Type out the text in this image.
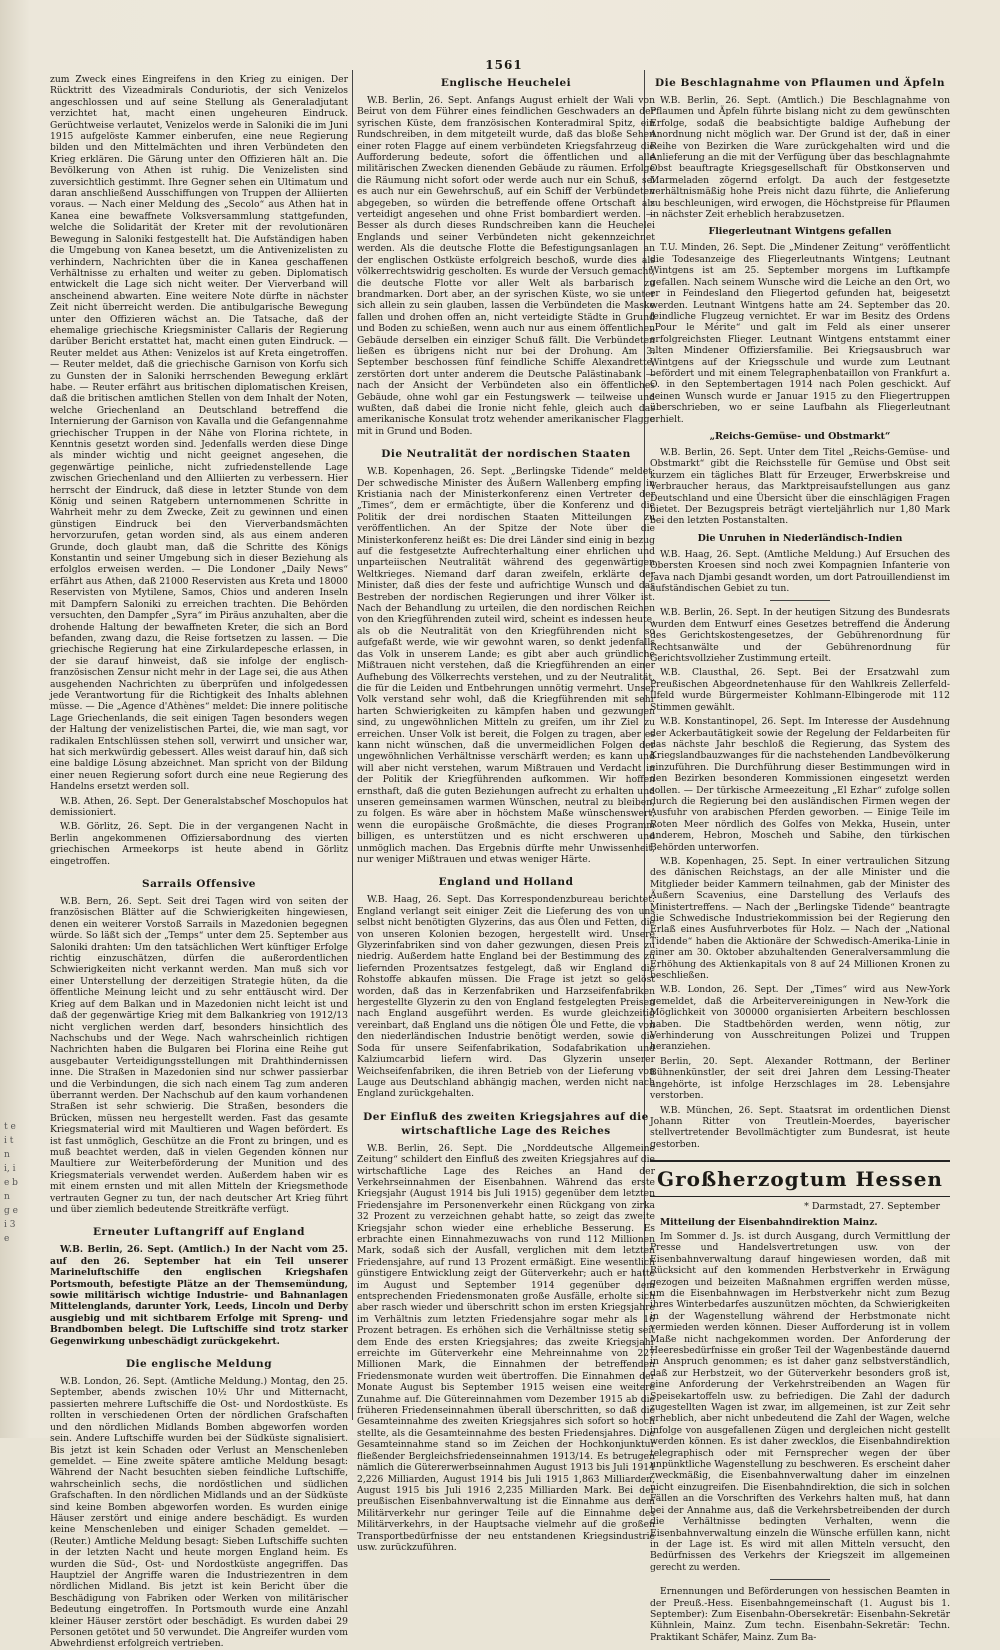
t e i t n i, i e b n g e i 3 e
1561

zum Zweck eines Eingreifens in den Krieg zu einigen. Der Rücktritt des Vizeadmirals Conduriotis, der sich Venizelos angeschlossen und auf seine Stellung als Generaladjutant verzichtet hat, macht einen ungeheuren Eindruck. Gerüchtweise verlautet, Venizelos werde in Saloniki die im Juni 1915 aufgelöste Kammer einberufen, eine neue Regierung bilden und den Mittelmächten und ihren Verbündeten den Krieg erklären. Die Gärung unter den Offizieren hält an. Die Bevölkerung von Athen ist ruhig. Die Venizelisten sind zuversichtlich gestimmt. Ihre Gegner sehen ein Ultimatum und daran anschließend Ausschiffungen von Truppen der Alliierten voraus. — Nach einer Meldung des „Secolo“ aus Athen hat in Kanea eine bewaffnete Volksversammlung stattgefunden, welche die Solidarität der Kreter mit der revolutionären Bewegung in Saloniki festgestellt hat. Die Aufständigen haben die Umgebung von Kanea besetzt, um die Antivenizelisten zu verhindern, Nachrichten über die in Kanea geschaffenen Verhältnisse zu erhalten und weiter zu geben. Diplomatisch entwickelt die Lage sich nicht weiter. Der Vierverband will anscheinend abwarten. Eine weitere Note dürfte in nächster Zeit nicht überreicht werden. Die antibulgarische Bewegung unter den Offizieren wächst an. Die Tatsache, daß der ehemalige griechische Kriegsminister Callaris der Regierung darüber Bericht erstattet hat, macht einen guten Eindruck. — Reuter meldet aus Athen: Venizelos ist auf Kreta eingetroffen. — Reuter meldet, daß die griechische Garnison von Korfu sich zu Gunsten der in Saloniki herrschenden Bewegung erklärt habe. — Reuter erfährt aus britischen diplomatischen Kreisen, daß die britischen amtlichen Stellen von dem Inhalt der Noten, welche Griechenland an Deutschland betreffend die Internierung der Garnison von Kavalla und die Gefangennahme griechischer Truppen in der Nähe von Florina richtete, in Kenntnis gesetzt worden sind. Jedenfalls werden diese Dinge als minder wichtig und nicht geeignet angesehen, die gegenwärtige peinliche, nicht zufriedenstellende Lage zwischen Griechenland und den Alliierten zu verbessern. Hier herrscht der Eindruck, daß diese in letzter Stunde von dem König und seinen Ratgebern unternommenen Schritte in Wahrheit mehr zu dem Zwecke, Zeit zu gewinnen und einen günstigen Eindruck bei den Vierverbandsmächten hervorzurufen, getan worden sind, als aus einem anderen Grunde, doch glaubt man, daß die Schritte des Königs Konstantin und seiner Umgebung sich in dieser Beziehung als erfolglos erweisen werden. — Die Londoner „Daily News“ erfährt aus Athen, daß 21000 Reservisten aus Kreta und 18000 Reservisten von Mytilene, Samos, Chios und anderen Inseln mit Dampfern Saloniki zu erreichen trachten. Die Behörden versuchten, den Dampfer „Syra“ im Piräus anzuhalten, aber die drohende Haltung der bewaffneten Kreter, die sich an Bord befanden, zwang dazu, die Reise fortsetzen zu lassen. — Die griechische Regierung hat eine Zirkulardepesche erlassen, in der sie darauf hinweist, daß sie infolge der englisch-französischen Zensur nicht mehr in der Lage sei, die aus Athen ausgehenden Nachrichten zu überprüfen und infolgedessen jede Verantwortung für die Richtigkeit des Inhalts ablehnen müsse. — Die „Agence d'Athènes“ meldet: Die innere politische Lage Griechenlands, die seit einigen Tagen besonders wegen der Haltung der venizelistischen Partei, die, wie man sagt, vor radikalen Entschlüssen stehen soll, verwirrt und unsicher war, hat sich merkwürdig gebessert. Alles weist darauf hin, daß sich eine baldige Lösung abzeichnet. Man spricht von der Bildung einer neuen Regierung sofort durch eine neue Regierung des Handelns ersetzt werden soll.

W.B. Athen, 26. Sept. Der Generalstabschef Moschopulos hat demissioniert.

W.B. Görlitz, 26. Sept. Die in der vergangenen Nacht in Berlin angekommenen Offiziersabordnung des vierten griechischen Armeekorps ist heute abend in Görlitz eingetroffen.

Sarrails Offensive

W.B. Bern, 26. Sept. Seit drei Tagen wird von seiten der französischen Blätter auf die Schwierigkeiten hingewiesen, denen ein weiterer Vorstoß Sarrails in Mazedonien begegnen würde. So läßt sich der „Temps“ unter dem 25. September aus Saloniki drahten: Um den tatsächlichen Wert künftiger Erfolge richtig einzuschätzen, dürfen die außerordentlichen Schwierigkeiten nicht verkannt werden. Man muß sich vor einer Unterstellung der derzeitigen Strategie hüten, da die öffentliche Meinung leicht und zu sehr enttäuscht wird. Der Krieg auf dem Balkan und in Mazedonien nicht leicht ist und daß der gegenwärtige Krieg mit dem Balkankrieg von 1912/13 nicht verglichen werden darf, besonders hinsichtlich des Nachschubs und der Wege. Nach wahrscheinlich richtigen Nachrichten haben die Bulgaren bei Florina eine Reihe gut ausgebauter Verteidigungsstellungen mit Drahthindernissen inne. Die Straßen in Mazedonien sind nur schwer passierbar und die Verbindungen, die sich nach einem Tag zum anderen überrannt werden. Der Nachschub auf den kaum vorhandenen Straßen ist sehr schwierig. Die Straßen, besonders die Brücken, müssen neu hergestellt werden. Fast das gesamte Kriegsmaterial wird mit Maultieren und Wagen befördert. Es ist fast unmöglich, Geschütze an die Front zu bringen, und es muß beachtet werden, daß in vielen Gegenden können nur Maultiere zur Weiterbeförderung der Munition und des Kriegsmaterials verwendet werden. Außerdem haben wir es mit einem ernsten und mit allen Mitteln der Kriegsmethode vertrauten Gegner zu tun, der nach deutscher Art Krieg führt und über ziemlich bedeutende Streitkräfte verfügt.

Erneuter Luftangriff auf England

W.B. Berlin, 26. Sept. (Amtlich.) In der Nacht vom 25. auf den 26. September hat ein Teil unserer Marineluftschiffe den englischen Kriegshafen Portsmouth, befestigte Plätze an der Themsemündung, sowie militärisch wichtige Industrie- und Bahnanlagen Mittelenglands, darunter York, Leeds, Lincoln und Derby ausgiebig und mit sichtbarem Erfolge mit Spreng- und Brandbomben belegt. Die Luftschiffe sind trotz starker Gegenwirkung unbeschädigt zurückgekehrt.

Die englische Meldung

W.B. London, 26. Sept. (Amtliche Meldung.) Montag, den 25. September, abends zwischen 10½ Uhr und Mitternacht, passierten mehrere Luftschiffe die Ost- und Nordostküste. Es rollten in verschiedenen Orten der nördlichen Grafschaften und den nördlichen Midlands Bomben abgeworfen worden sein. Andere Luftschiffe wurden bei der Südküste signalisiert. Bis jetzt ist kein Schaden oder Verlust an Menschenleben gemeldet. — Eine zweite spätere amtliche Meldung besagt: Während der Nacht besuchten sieben feindliche Luftschiffe, wahrscheinlich sechs, die nordöstlichen und südlichen Grafschaften. In den nördlichen Midlands und an der Südküste sind keine Bomben abgeworfen worden. Es wurden einige Häuser zerstört und einige andere beschädigt. Es wurden keine Menschenleben und einiger Schaden gemeldet. — (Reuter.) Amtliche Meldung besagt: Sieben Luftschiffe suchten in der letzten Nacht und heute morgen England heim. Es wurden die Süd-, Ost- und Nordostküste angegriffen. Das Hauptziel der Angriffe waren die Industriezentren in dem nördlichen Midland. Bis jetzt ist kein Bericht über die Beschädigung von Fabriken oder Werken von militärischer Bedeutung eingetroffen. In Portsmouth wurde eine Anzahl kleiner Häuser zerstört oder beschädigt. Es wurden dabei 29 Personen getötet und 50 verwundet. Die Angreifer wurden vom Abwehrdienst erfolgreich vertrieben.

Englische Heuchelei

W.B. Berlin, 26. Sept. Anfangs August erhielt der Wali von Beirut von dem Führer eines feindlichen Geschwaders an der syrischen Küste, dem französischen Konteradmiral Spitz, ein Rundschreiben, in dem mitgeteilt wurde, daß das bloße Sehen einer roten Flagge auf einem verbündeten Kriegsfahrzeug die Aufforderung bedeute, sofort die öffentlichen und alle militärischen Zwecken dienenden Gebäude zu räumen. Erfolge die Räumung nicht sofort oder werde auch nur ein Schuß, sei es auch nur ein Gewehrschuß, auf ein Schiff der Verbündeten abgegeben, so würden die betreffende offene Ortschaft als verteidigt angesehen und ohne Frist bombardiert werden. — Besser als durch dieses Rundschreiben kann die Heuchelei Englands und seiner Verbündeten nicht gekennzeichnet werden. Als die deutsche Flotte die Befestigungsanlagen an der englischen Ostküste erfolgreich beschoß, wurde dies als völkerrechtswidrig gescholten. Es wurde der Versuch gemacht, die deutsche Flotte vor aller Welt als barbarisch zu brandmarken. Dort aber, an der syrischen Küste, wo sie unter sich allein zu sein glauben, lassen die Verbündeten die Maske fallen und drohen offen an, nicht verteidigte Städte in Grund und Boden zu schießen, wenn auch nur aus einem öffentlichen Gebäude derselben ein einziger Schuß fällt. Die Verbündeten ließen es übrigens nicht nur bei der Drohung. Am 3. September beschossen fünf feindliche Schiffe Alexandrette, zerstörten dort unter anderem die Deutsche Palästinabank — nach der Ansicht der Verbündeten also ein öffentliches Gebäude, ohne wohl gar ein Festungswerk — teilweise und wußten, daß dabei die Ironie nicht fehle, gleich auch das amerikanische Konsulat trotz wehender amerikanischer Flagge mit in Grund und Boden.

Die Neutralität der nordischen Staaten

W.B. Kopenhagen, 26. Sept. „Berlingske Tidende“ meldet: Der schwedische Minister des Äußern Wallenberg empfing in Kristiania nach der Ministerkonferenz einen Vertreter der „Times“, dem er ermächtigte, über die Konferenz und die Politik der drei nordischen Staaten Mitteilungen zu veröffentlichen. An der Spitze der Note über die Ministerkonferenz heißt es: Die drei Länder sind einig in bezug auf die festgesetzte Aufrechterhaltung einer ehrlichen und unparteiischen Neutralität während des gegenwärtigen Weltkrieges. Niemand darf daran zweifeln, erklärte der Minister, daß dies der feste und aufrichtige Wunsch und das Bestreben der nordischen Regierungen und ihrer Völker ist. Nach der Behandlung zu urteilen, die den nordischen Reichen von den Kriegführenden zuteil wird, scheint es indessen heute, als ob die Neutralität von den Kriegführenden nicht so aufgefaßt werde, wie wir gewohnt waren, so denkt jedenfalls das Volk in unserem Lande; es gibt aber auch gründliche Mißtrauen nicht verstehen, daß die Kriegführenden an einer Aufhebung des Völkerrechts verstehen, und zu der Neutralität, die für die Leiden und Entbehrungen unnötig vermehrt. Unser Volk verstand sehr wohl, daß die Kriegführenden mit sehr harten Schwierigkeiten zu kämpfen haben und gezwungen sind, zu ungewöhnlichen Mitteln zu greifen, um ihr Ziel zu erreichen. Unser Volk ist bereit, die Folgen zu tragen, aber es kann nicht wünschen, daß die unvermeidlichen Folgen der ungewöhnlichen Verhältnisse verschärft werden; es kann und will aber nicht verstehen, warum Mißtrauen und Verdacht in der Politik der Kriegführenden aufkommen. Wir hoffen ernsthaft, daß die guten Beziehungen aufrecht zu erhalten und unseren gemeinsamen warmen Wünschen, neutral zu bleiben, zu folgen. Es wäre aber in höchstem Maße wünschenswert, wenn die europäische Großmächte, die dieses Programm billigen, es unterstützen und es nicht erschweren und unmöglich machen. Das Ergebnis dürfte mehr Unwissenheit, nur weniger Mißtrauen und etwas weniger Härte.

England und Holland

W.B. Haag, 26. Sept. Das Korrespondenzbureau berichtet: England verlangt seit einiger Zeit die Lieferung des von uns selbst nicht benötigten Glyzerins, das aus Ölen und Fetten, die von unseren Kolonien bezogen, hergestellt wird. Unsere Glyzerinfabriken sind von daher gezwungen, diesen Preis zu niedrig. Außerdem hatte England bei der Bestimmung des zu liefernden Prozentsatzes festgelegt, daß wir England die Rohstoffe abkaufen müssen. Die Frage ist jetzt so gelöst worden, daß das in Kerzenfabriken und Harzseifenfabriken hergestellte Glyzerin zu den von England festgelegten Preisen nach England ausgeführt werden. Es wurde gleichzeitig vereinbart, daß England uns die nötigen Öle und Fette, die von den niederländischen Industrie benötigt werden, sowie die Soda für unsere Seifenfabrikation, Sodafabrikation und Kalziumcarbid liefern wird. Das Glyzerin unserer Weichseifenfabriken, die ihren Betrieb von der Lieferung von Lauge aus Deutschland abhängig machen, werden nicht nach England zurückgehalten.

Der Einfluß des zweiten Kriegsjahres auf die wirtschaftliche Lage des Reiches

W.B. Berlin, 26. Sept. Die „Norddeutsche Allgemeine Zeitung“ schildert den Einfluß des zweiten Kriegsjahres auf die wirtschaftliche Lage des Reiches an Hand der Verkehrseinnahmen der Eisenbahnen. Während das erste Kriegsjahr (August 1914 bis Juli 1915) gegenüber dem letzten Friedensjahre im Personenverkehr einen Rückgang von zirka 32 Prozent zu verzeichnen gehabt hatte, so zeigt das zweite Kriegsjahr schon wieder eine erhebliche Besserung. Es erbrachte einen Einnahmezuwachs von rund 112 Millionen Mark, sodaß sich der Ausfall, verglichen mit dem letzten Friedensjahre, auf rund 13 Prozent ermäßigt. Eine wesentlich günstigere Entwicklung zeigt der Güterverkehr; auch er hatte im August und September 1914 gegenüber dem entsprechenden Friedensmonaten große Ausfälle, erholte sich aber rasch wieder und überschritt schon im ersten Kriegsjahre im Verhältnis zum letzten Friedensjahre sogar mehr als 16 Prozent betragen. Es erhöhen sich die Verhältnisse stetig seit dem Ende des ersten Kriegsjahres; das zweite Kriegsjahr erreichte im Güterverkehr eine Mehreinnahme von 227 Millionen Mark, die Einnahmen der betreffenden Friedensmonate wurden weit übertroffen. Die Einnahmen der Monate August bis September 1915 weisen eine weitere Zunahme auf. Die Gütereinnahmen vom Dezember 1915 ab die früheren Friedenseinnahmen überall überschritten, so daß die Gesamteinnahme des zweiten Kriegsjahres sich sofort so hoch stellte, als die Gesamteinnahme des besten Friedensjahres. Die Gesamteinnahme stand so im Zeichen der Hochkonjunktur fließender Bergleichsfriedenseinnahmen 1913/14. Es betrugen nämlich die Gütererwerbseinnahmen August 1913 bis Juli 1914 2,226 Milliarden, August 1914 bis Juli 1915 1,863 Milliarden, August 1915 bis Juli 1916 2,235 Milliarden Mark. Bei der preußischen Eisenbahnverwaltung ist die Einnahme aus dem Militärverkehr nur geringer Teile auf die Einnahme des Militärverkehrs, in der Hauptsache vielmehr auf die großen Transportbedürfnisse der neu entstandenen Kriegsindustrie usw. zurückzuführen.

Die Beschlagnahme von Pflaumen und Äpfeln

W.B. Berlin, 26. Sept. (Amtlich.) Die Beschlagnahme von Pflaumen und Äpfeln führte bislang nicht zu dem gewünschten Erfolge, sodaß die beabsichtigte baldige Aufhebung der Anordnung nicht möglich war. Der Grund ist der, daß in einer Reihe von Bezirken die Ware zurückgehalten wird und die Anlieferung an die mit der Verfügung über das beschlagnahmte Obst beauftragte Kriegsgesellschaft für Obstkonserven und Marmeladen zögernd erfolgt. Da auch der festgesetzte verhältnismäßig hohe Preis nicht dazu führte, die Anlieferung zu beschleunigen, wird erwogen, die Höchstpreise für Pflaumen in nächster Zeit erheblich herabzusetzen.

Fliegerleutnant Wintgens gefallen

T.U. Minden, 26. Sept. Die „Mindener Zeitung“ veröffentlicht die Todesanzeige des Fliegerleutnants Wintgens; Leutnant Wintgens ist am 25. September morgens im Luftkampfe gefallen. Nach seinem Wunsche wird die Leiche an den Ort, wo er in Feindesland den Fliegertod gefunden hat, beigesetzt werden. Leutnant Wintgens hatte am 24. September das 20. feindliche Flugzeug vernichtet. Er war im Besitz des Ordens „Pour le Mérite“ und galt im Feld als einer unserer erfolgreichsten Flieger. Leutnant Wintgens entstammt einer alten Mindener Offiziersfamilie. Bei Kriegsausbruch war Wintgens auf der Kriegsschule und wurde zum Leutnant befördert und mit einem Telegraphenbataillon von Frankfurt a. O. in den Septembertagen 1914 nach Polen geschickt. Auf seinen Wunsch wurde er Januar 1915 zu den Fliegertruppen überschrieben, wo er seine Laufbahn als Fliegerleutnant erhielt.

„Reichs-Gemüse- und Obstmarkt“

W.B. Berlin, 26. Sept. Unter dem Titel „Reichs-Gemüse- und Obstmarkt“ gibt die Reichsstelle für Gemüse und Obst seit kurzem ein tägliches Blatt für Erzeuger, Erwerbskreise und Verbraucher heraus, das Marktpreisaufstellungen aus ganz Deutschland und eine Übersicht über die einschlägigen Fragen bietet. Der Bezugspreis beträgt vierteljährlich nur 1,80 Mark bei den letzten Postanstalten.

Die Unruhen in Niederländisch-Indien

W.B. Haag, 26. Sept. (Amtliche Meldung.) Auf Ersuchen des Obersten Kroesen sind noch zwei Kompagnien Infanterie von Java nach Djambi gesandt worden, um dort Patrouillendienst im aufständischen Gebiet zu tun.

W.B. Berlin, 26. Sept. In der heutigen Sitzung des Bundesrats wurden dem Entwurf eines Gesetzes betreffend die Änderung des Gerichtskostengesetzes, der Gebührenordnung für Rechtsanwälte und der Gebührenordnung für Gerichtsvollzieher Zustimmung erteilt.

W.B. Clausthal, 26. Sept. Bei der Ersatzwahl zum Preußischen Abgeordnetenhause für den Wahlkreis Zellerfeld-Ilfeld wurde Bürgermeister Kohlmann-Elbingerode mit 112 Stimmen gewählt.

W.B. Konstantinopel, 26. Sept. Im Interesse der Ausdehnung der Ackerbautätigkeit sowie der Regelung der Feldarbeiten für das nächste Jahr beschloß die Regierung, das System des Kriegslandbauzwanges für die nachstehenden Landbevölkerung einzuführen. Die Durchführung dieser Bestimmungen wird in den Bezirken besonderen Kommissionen eingesetzt werden sollen. — Der türkische Armeezeitung „El Ezhar“ zufolge sollen durch die Regierung bei den ausländischen Firmen wegen der Ausfuhr von arabischen Pferden geworben. — Einige Teile im Roten Meer nördlich des Golfes von Mekka, Husein, unter anderem, Hebron, Moscheh und Sabihe, den türkischen Behörden unterworfen.

W.B. Kopenhagen, 25. Sept. In einer vertraulichen Sitzung des dänischen Reichstags, an der alle Minister und die Mitglieder beider Kammern teilnahmen, gab der Minister des Äußern Scavenius, eine Darstellung des Verlaufs des Ministertreffens. — Nach der „Berlingske Tidende“ beantragte die Schwedische Industriekommission bei der Regierung den Erlaß eines Ausfuhrverbotes für Holz. — Nach der „National Tidende“ haben die Aktionäre der Schwedisch-Amerika-Linie in einer am 30. Oktober abzuhaltenden Generalversammlung die Erhöhung des Aktienkapitals von 8 auf 24 Millionen Kronen zu beschließen.

W.B. London, 26. Sept. Der „Times“ wird aus New-York gemeldet, daß die Arbeitervereinigungen in New-York die Möglichkeit von 300000 organisierten Arbeitern beschlossen haben. Die Stadtbehörden werden, wenn nötig, zur Verhinderung von Ausschreitungen Polizei und Truppen heranziehen.

Berlin, 20. Sept. Alexander Rottmann, der Berliner Bühnenkünstler, der seit drei Jahren dem Lessing-Theater angehörte, ist infolge Herzschlages im 28. Lebensjahre verstorben.

W.B. München, 26. Sept. Staatsrat im ordentlichen Dienst Johann Ritter von Treutlein-Moerdes, bayerischer stellvertretender Bevollmächtigter zum Bundesrat, ist heute gestorben.

Großherzogtum Hessen
* Darmstadt, 27. September

Mitteilung der Eisenbahndirektion Mainz.

Im Sommer d. Js. ist durch Ausgang, durch Vermittlung der Presse und Handelsvertretungen usw. von der Eisenbahnverwaltung darauf hingewiesen worden, daß mit Rücksicht auf den kommenden Herbstverkehr in Erwägung gezogen und beizeiten Maßnahmen ergriffen werden müsse, um die Eisenbahnwagen im Herbstverkehr nicht zum Bezug ihres Winterbedarfes auszunützen möchten, da Schwierigkeiten in der Wagenstellung während der Herbstmonate nicht vermieden werden können. Dieser Aufforderung ist in vollem Maße nicht nachgekommen worden. Der Anforderung der Heeresbedürfnisse ein großer Teil der Wagenbestände dauernd in Anspruch genommen; es ist daher ganz selbstverständlich, daß zur Herbstzeit, wo der Güterverkehr besonders groß ist, eine Anforderung der Verkehrstreibenden an Wagen für Speisekartoffeln usw. zu befriedigen. Die Zahl der dadurch zugestellten Wagen ist zwar, im allgemeinen, ist zur Zeit sehr erheblich, aber nicht unbedeutend die Zahl der Wagen, welche infolge von ausgefallenen Zügen und dergleichen nicht gestellt werden können. Es ist daher zwecklos, die Eisenbahndirektion telegraphisch oder mit Fernsprecher wegen der über unpünktliche Wagenstellung zu beschweren. Es erscheint daher zweckmäßig, die Eisenbahnverwaltung daher im einzelnen nicht einzugreifen. Die Eisenbahndirektion, die sich in solchen Fällen an die Vorschriften des Verkehrs halten muß, hat dann bei der Annahme aus, daß die Verkehrsbetreibenden der durch die Verhältnisse bedingten Verhalten, wenn die Eisenbahnverwaltung einzeln die Wünsche erfüllen kann, nicht in der Lage ist. Es wird mit allen Mitteln versucht, den Bedürfnissen des Verkehrs der Kriegszeit im allgemeinen gerecht zu werden.

Ernennungen und Beförderungen von hessischen Beamten in der Preuß.-Hess. Eisenbahngemeinschaft (1. August bis 1. September): Zum Eisenbahn-Obersekretär: Eisenbahn-Sekretär Kühnlein, Mainz. Zum techn. Eisenbahn-Sekretär: Techn. Praktikant Schäfer, Mainz. Zum Ba-
